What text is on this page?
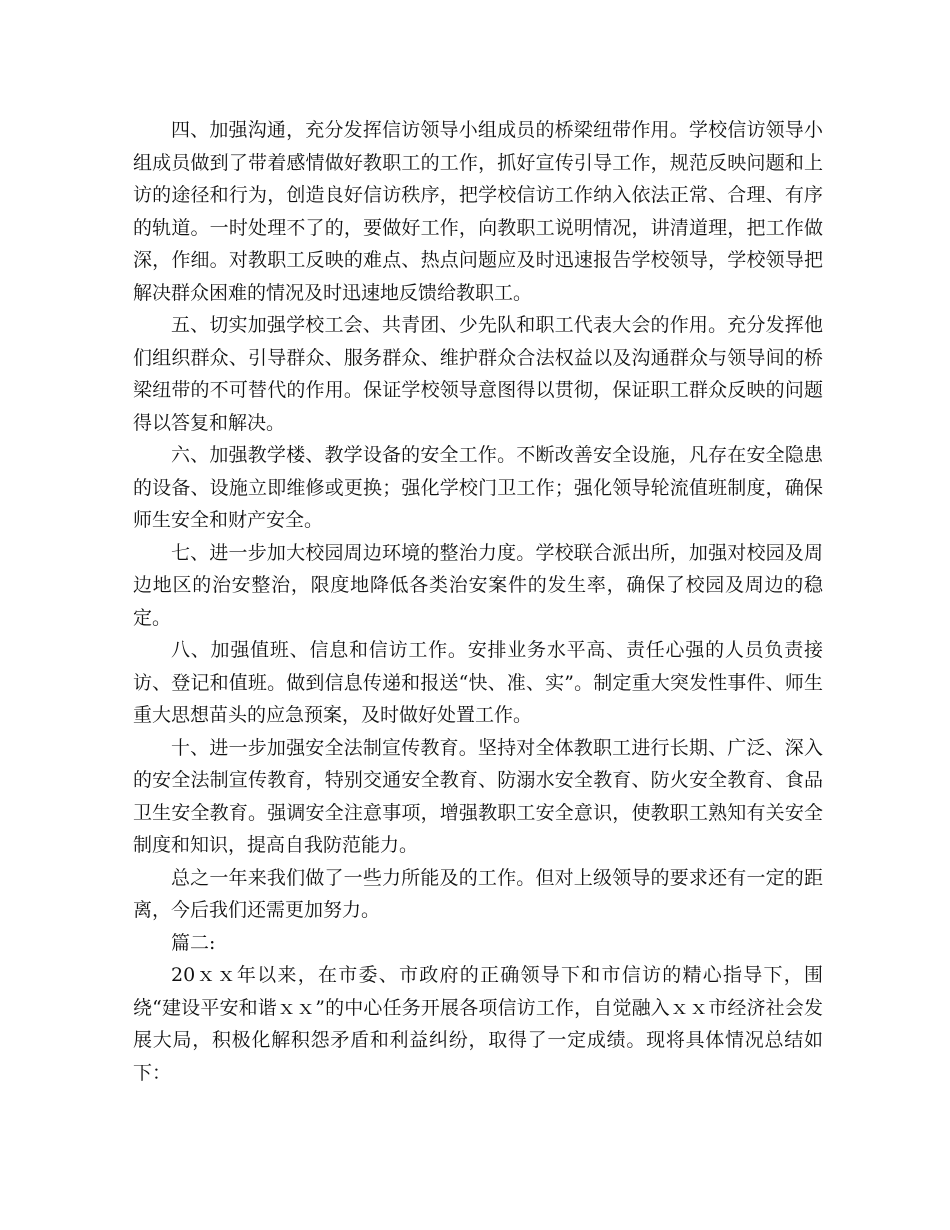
四、加强沟通，充分发挥信访领导小组成员的桥梁纽带作用。学校信访领导小组成员做到了带着感情做好教职工的工作，抓好宣传引导工作，规范反映问题和上访的途径和行为，创造良好信访秩序，把学校信访工作纳入依法正常、合理、有序的轨道。一时处理不了的，要做好工作，向教职工说明情况，讲清道理，把工作做深，作细。对教职工反映的难点、热点问题应及时迅速报告学校领导，学校领导把解决群众困难的情况及时迅速地反馈给教职工。

五、切实加强学校工会、共青团、少先队和职工代表大会的作用。充分发挥他们组织群众、引导群众、服务群众、维护群众合法权益以及沟通群众与领导间的桥梁纽带的不可替代的作用。保证学校领导意图得以贯彻，保证职工群众反映的问题得以答复和解决。

六、加强教学楼、教学设备的安全工作。不断改善安全设施，凡存在安全隐患的设备、设施立即维修或更换；强化学校门卫工作；强化领导轮流值班制度，确保师生安全和财产安全。

七、进一步加大校园周边环境的整治力度。学校联合派出所，加强对校园及周边地区的治安整治，限度地降低各类治安案件的发生率，确保了校园及周边的稳定。

八、加强值班、信息和信访工作。安排业务水平高、责任心强的人员负责接访、登记和值班。做到信息传递和报送“快、准、实”。制定重大突发性事件、师生重大思想苗头的应急预案，及时做好处置工作。

十、进一步加强安全法制宣传教育。坚持对全体教职工进行长期、广泛、深入的安全法制宣传教育，特别交通安全教育、防溺水安全教育、防火安全教育、食品卫生安全教育。强调安全注意事项，增强教职工安全意识，使教职工熟知有关安全制度和知识，提高自我防范能力。

总之一年来我们做了一些力所能及的工作。但对上级领导的要求还有一定的距离，今后我们还需更加努力。

篇二:

20ｘｘ年以来，在市委、市政府的正确领导下和市信访的精心指导下，围绕“建设平安和谐ｘｘ”的中心任务开展各项信访工作，自觉融入ｘｘ市经济社会发展大局，积极化解积怨矛盾和利益纠纷，取得了一定成绩。现将具体情况总结如下：
